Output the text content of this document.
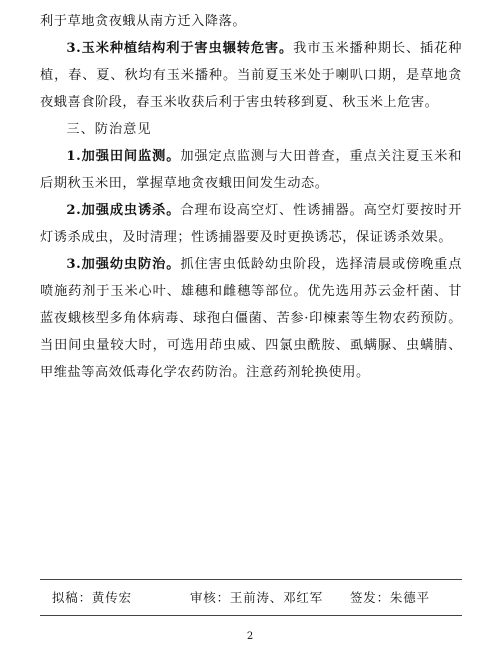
利于草地贪夜蛾从南方迁入降落。

3.玉米种植结构利于害虫辗转危害。我市玉米播种期长、插花种植，春、夏、秋均有玉米播种。当前夏玉米处于喇叭口期，是草地贪夜蛾喜食阶段，春玉米收获后利于害虫转移到夏、秋玉米上危害。

三、防治意见

1.加强田间监测。加强定点监测与大田普查，重点关注夏玉米和后期秋玉米田，掌握草地贪夜蛾田间发生动态。

2.加强成虫诱杀。合理布设高空灯、性诱捕器。高空灯要按时开灯诱杀成虫，及时清理；性诱捕器要及时更换诱芯，保证诱杀效果。

3.加强幼虫防治。抓住害虫低龄幼虫阶段，选择清晨或傍晚重点喷施药剂于玉米心叶、雄穗和雌穗等部位。优先选用苏云金杆菌、甘蓝夜蛾核型多角体病毒、球孢白僵菌、苦参·印楝素等生物农药预防。当田间虫量较大时，可选用茚虫威、四氯虫酰胺、虱螨脲、虫螨腈、甲维盐等高效低毒化学农药防治。注意药剂轮换使用。

拟稿：黄传宏	审核：王前涛、邓红军 签发：朱德平
2
